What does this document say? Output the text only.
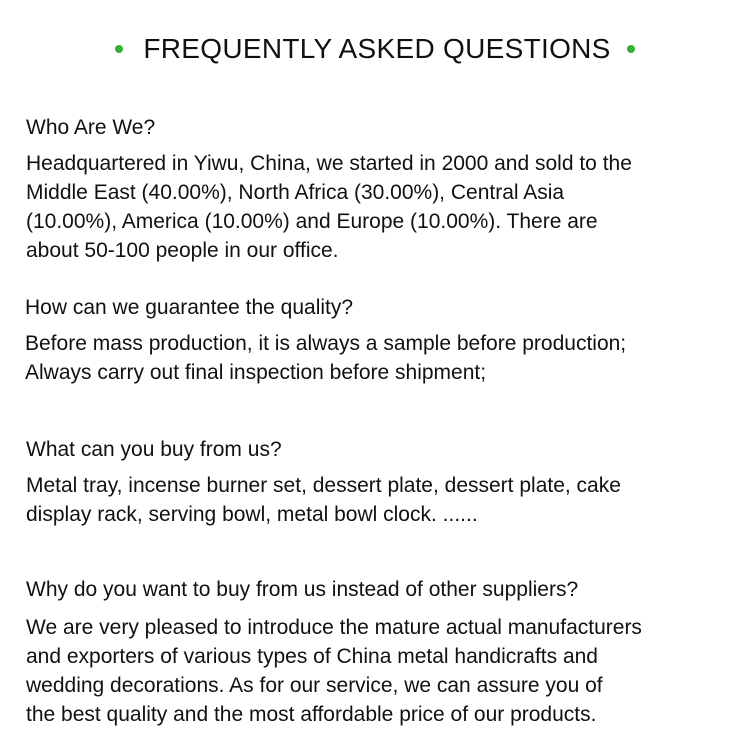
FREQUENTLY ASKED QUESTIONS
Who Are We?
Headquartered in Yiwu, China, we started in 2000 and sold to the
Middle East (40.00%), North Africa (30.00%), Central Asia
(10.00%), America (10.00%) and Europe (10.00%). There are
about 50-100 people in our office.
How can we guarantee the quality?
Before mass production, it is always a sample before production;
Always carry out final inspection before shipment;
What can you buy from us?
Metal tray, incense burner set, dessert plate, dessert plate, cake
display rack, serving bowl, metal bowl clock. ......
Why do you want to buy from us instead of other suppliers?
We are very pleased to introduce the mature actual manufacturers
and exporters of various types of China metal handicrafts and
wedding decorations. As for our service, we can assure you of
the best quality and the most affordable price of our products.
